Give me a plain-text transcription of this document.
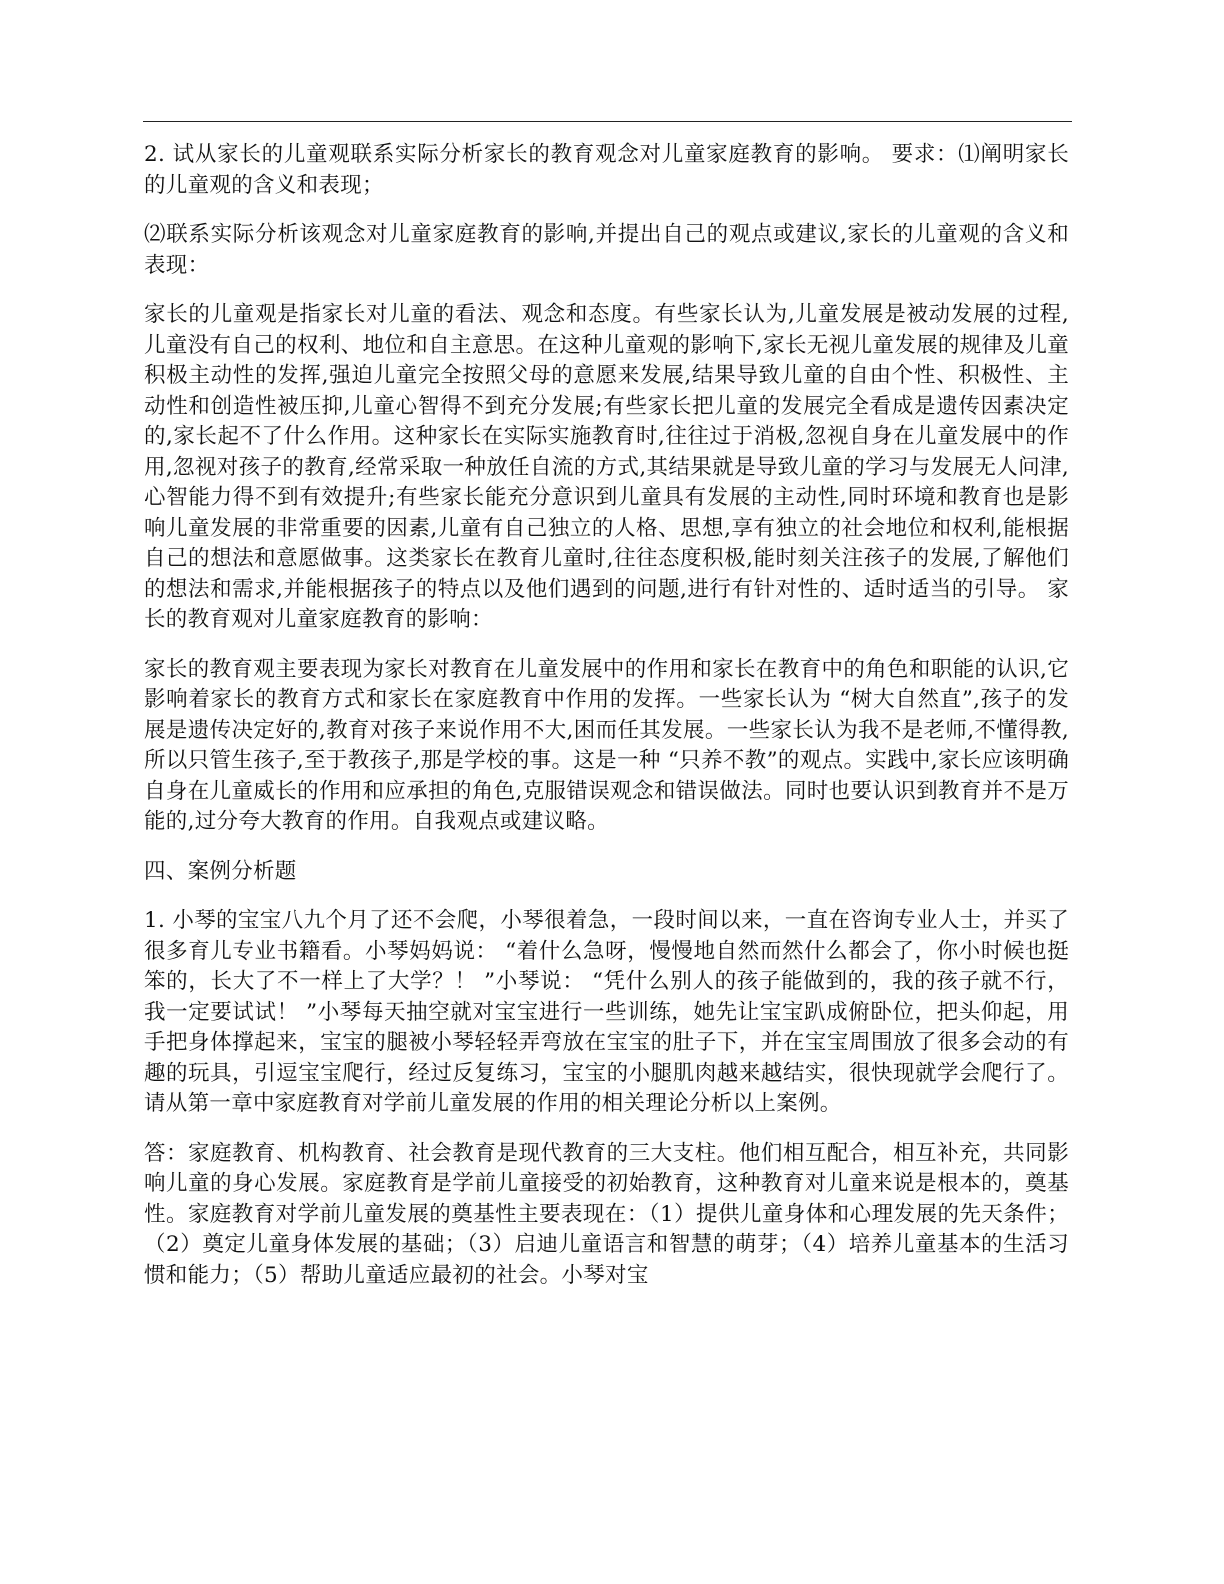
2. 试从家长的儿童观联系实际分析家长的教育观念对儿童家庭教育的影响。 要求：⑴阐明家长的儿童观的含义和表现；

⑵联系实际分析该观念对儿童家庭教育的影响,并提出自己的观点或建议,家长的儿童观的含义和表现：

家长的儿童观是指家长对儿童的看法、观念和态度。有些家长认为,儿童发展是被动发展的过程,儿童没有自己的权利、地位和自主意思。在这种儿童观的影响下,家长无视儿童发展的规律及儿童积极主动性的发挥,强迫儿童完全按照父母的意愿来发展,结果导致儿童的自由个性、积极性、主动性和创造性被压抑,儿童心智得不到充分发展;有些家长把儿童的发展完全看成是遗传因素决定的,家长起不了什么作用。这种家长在实际实施教育时,往往过于消极,忽视自身在儿童发展中的作用,忽视对孩子的教育,经常采取一种放任自流的方式,其结果就是导致儿童的学习与发展无人问津,心智能力得不到有效提升;有些家长能充分意识到儿童具有发展的主动性,同时环境和教育也是影响儿童发展的非常重要的因素,儿童有自己独立的人格、思想,享有独立的社会地位和权利,能根据自己的想法和意愿做事。这类家长在教育儿童时,往往态度积极,能时刻关注孩子的发展,了解他们的想法和需求,并能根据孩子的特点以及他们遇到的问题,进行有针对性的、适时适当的引导。 家长的教育观对儿童家庭教育的影响：

家长的教育观主要表现为家长对教育在儿童发展中的作用和家长在教育中的角色和职能的认识,它影响着家长的教育方式和家长在家庭教育中作用的发挥。一些家长认为 “树大自然直”,孩子的发展是遗传决定好的,教育对孩子来说作用不大,困而任其发展。一些家长认为我不是老师,不懂得教,所以只管生孩子,至于教孩子,那是学校的事。这是一种 “只养不教”的观点。实践中,家长应该明确自身在儿童威长的作用和应承担的角色,克服错误观念和错误做法。同时也要认识到教育并不是万能的,过分夸大教育的作用。自我观点或建议略。

四、案例分析题

1. 小琴的宝宝八九个月了还不会爬，小琴很着急，一段时间以来，一直在咨询专业人士，并买了很多育儿专业书籍看。小琴妈妈说： “着什么急呀，慢慢地自然而然什么都会了，你小时候也挺笨的，长大了不一样上了大学？！ ”小琴说： “凭什么别人的孩子能做到的，我的孩子就不行，我一定要试试！ ”小琴每天抽空就对宝宝进行一些训练，她先让宝宝趴成俯卧位，把头仰起，用手把身体撑起来，宝宝的腿被小琴轻轻弄弯放在宝宝的肚子下，并在宝宝周围放了很多会动的有趣的玩具，引逗宝宝爬行，经过反复练习，宝宝的小腿肌肉越来越结实，很快现就学会爬行了。请从第一章中家庭教育对学前儿童发展的作用的相关理论分析以上案例。

答：家庭教育、机构教育、社会教育是现代教育的三大支柱。他们相互配合，相互补充，共同影响儿童的身心发展。家庭教育是学前儿童接受的初始教育，这种教育对儿童来说是根本的，奠基性。家庭教育对学前儿童发展的奠基性主要表现在：（1）提供儿童身体和心理发展的先天条件；（2）奠定儿童身体发展的基础；（3）启迪儿童语言和智慧的萌芽；（4）培养儿童基本的生活习惯和能力；（5）帮助儿童适应最初的社会。小琴对宝
